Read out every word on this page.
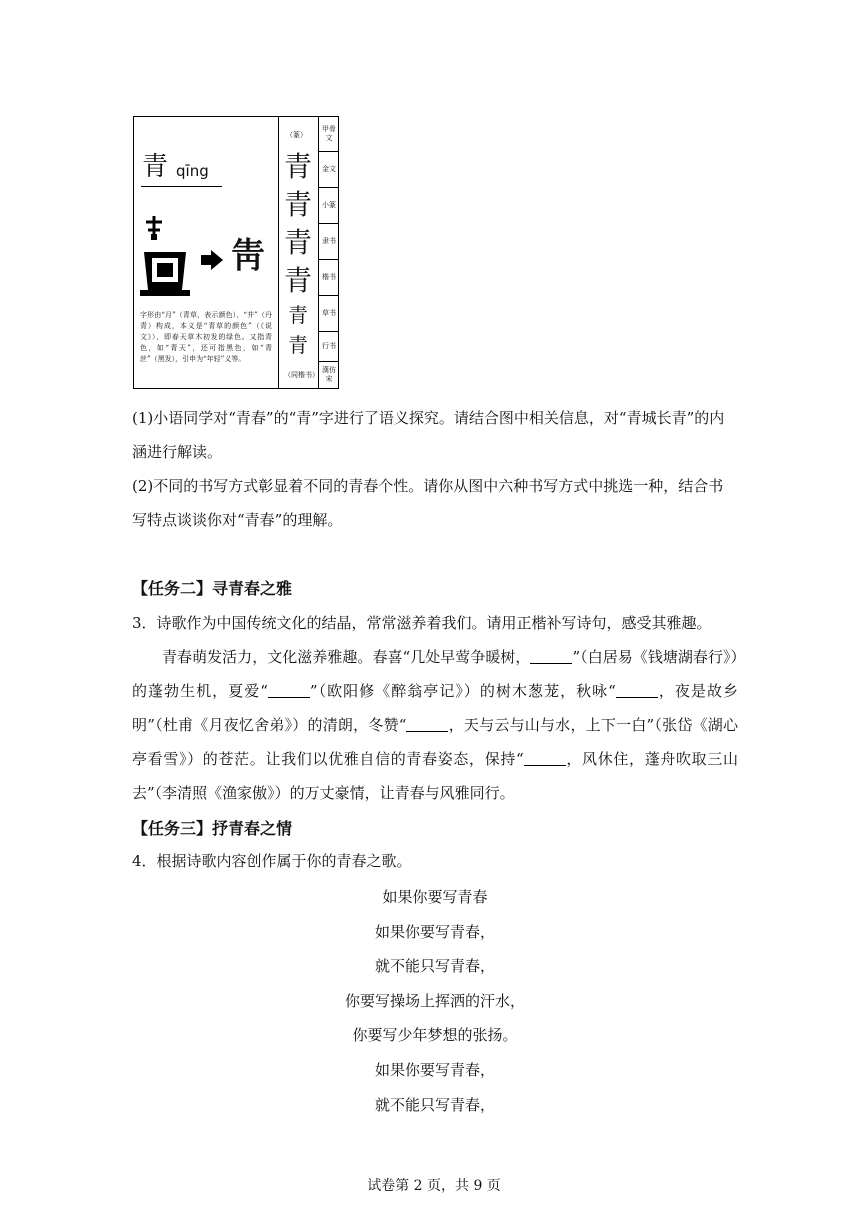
青 qīng
𤯞
字形由“月”（青草，表示颜色）、“井”（丹青）构成，本义是“青草的颜色”（《说文》），即春天草木初发的绿色。又指青色，如“青天”，还可指黑色，如“青丝”（黑发），引申为“年轻”义等。
（篆）
青
青
青
青
青
青
（同楷书）
甲骨文
金文
小篆
隶书
楷书
草书
行书
漢仿宋
(1)小语同学对“青春”的“青”字进行了语义探究。请结合图中相关信息，对“青城长青”的内涵进行解读。
(2)不同的书写方式彰显着不同的青春个性。请你从图中六种书写方式中挑选一种，结合书写特点谈谈你对“青春”的理解。
【任务二】寻青春之雅
3．诗歌作为中国传统文化的结晶，常常滋养着我们。请用正楷补写诗句，感受其雅趣。
青春萌发活力，文化滋养雅趣。春喜“几处早莺争暖树，	”（白居易《钱塘湖春行》）的蓬勃生机，夏爱“	”（欧阳修《醉翁亭记》）的树木葱茏，秋咏“	，夜是故乡明”（杜甫《月夜忆舍弟》）的清朗，冬赞“	，天与云与山与水，上下一白”（张岱《湖心亭看雪》）的苍茫。让我们以优雅自信的青春姿态，保持“	，风休住，蓬舟吹取三山去”（李清照《渔家傲》）的万丈豪情，让青春与风雅同行。
【任务三】抒青春之情
4．根据诗歌内容创作属于你的青春之歌。
如果你要写青春
如果你要写青春，
就不能只写青春，
你要写操场上挥洒的汗水，
你要写少年梦想的张扬。
如果你要写青春，
就不能只写青春，
试卷第 2 页，共 9 页
